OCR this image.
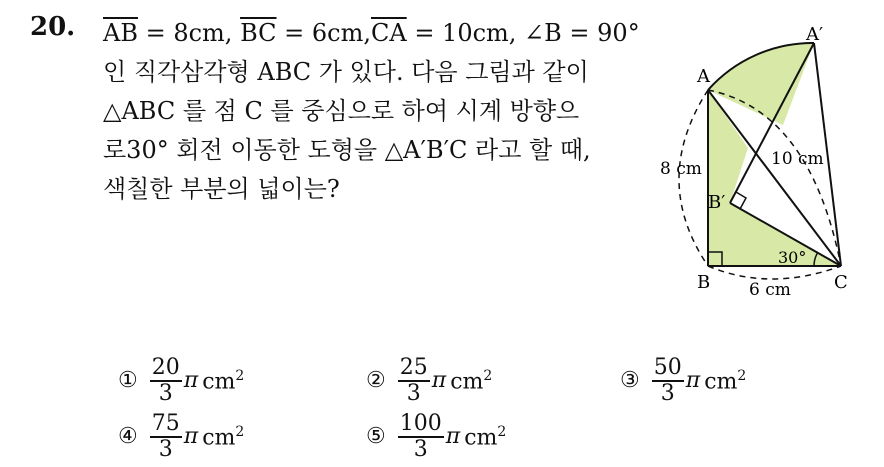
20. $\overline{AB} = 8cm$, $\overline{BC} = 6cm,\overline{CA} = 10cm$, ∠B = 90°
인 직각삼각형 ABC 가 있다. 다음 그림과 같이
△ABC 를 점 C 를 중심으로 하여 시계 방향으
로30° 회전 이동한 도형을 △A′B′C 라고 할 때,
색칠한 부분의 넓이는?
A
A′
B
B′
C
8 cm	10 cm
6 cm
30°
① $\frac{20}{3}$ π $cm^2$	② $\frac{25}{3}$ π $cm^2$	③ $\frac{50}{3}$ π $cm^2$
④ $\frac{75}{3}$ π $cm^2$	⑤ $\frac{100}{3}$ π $cm^2$
